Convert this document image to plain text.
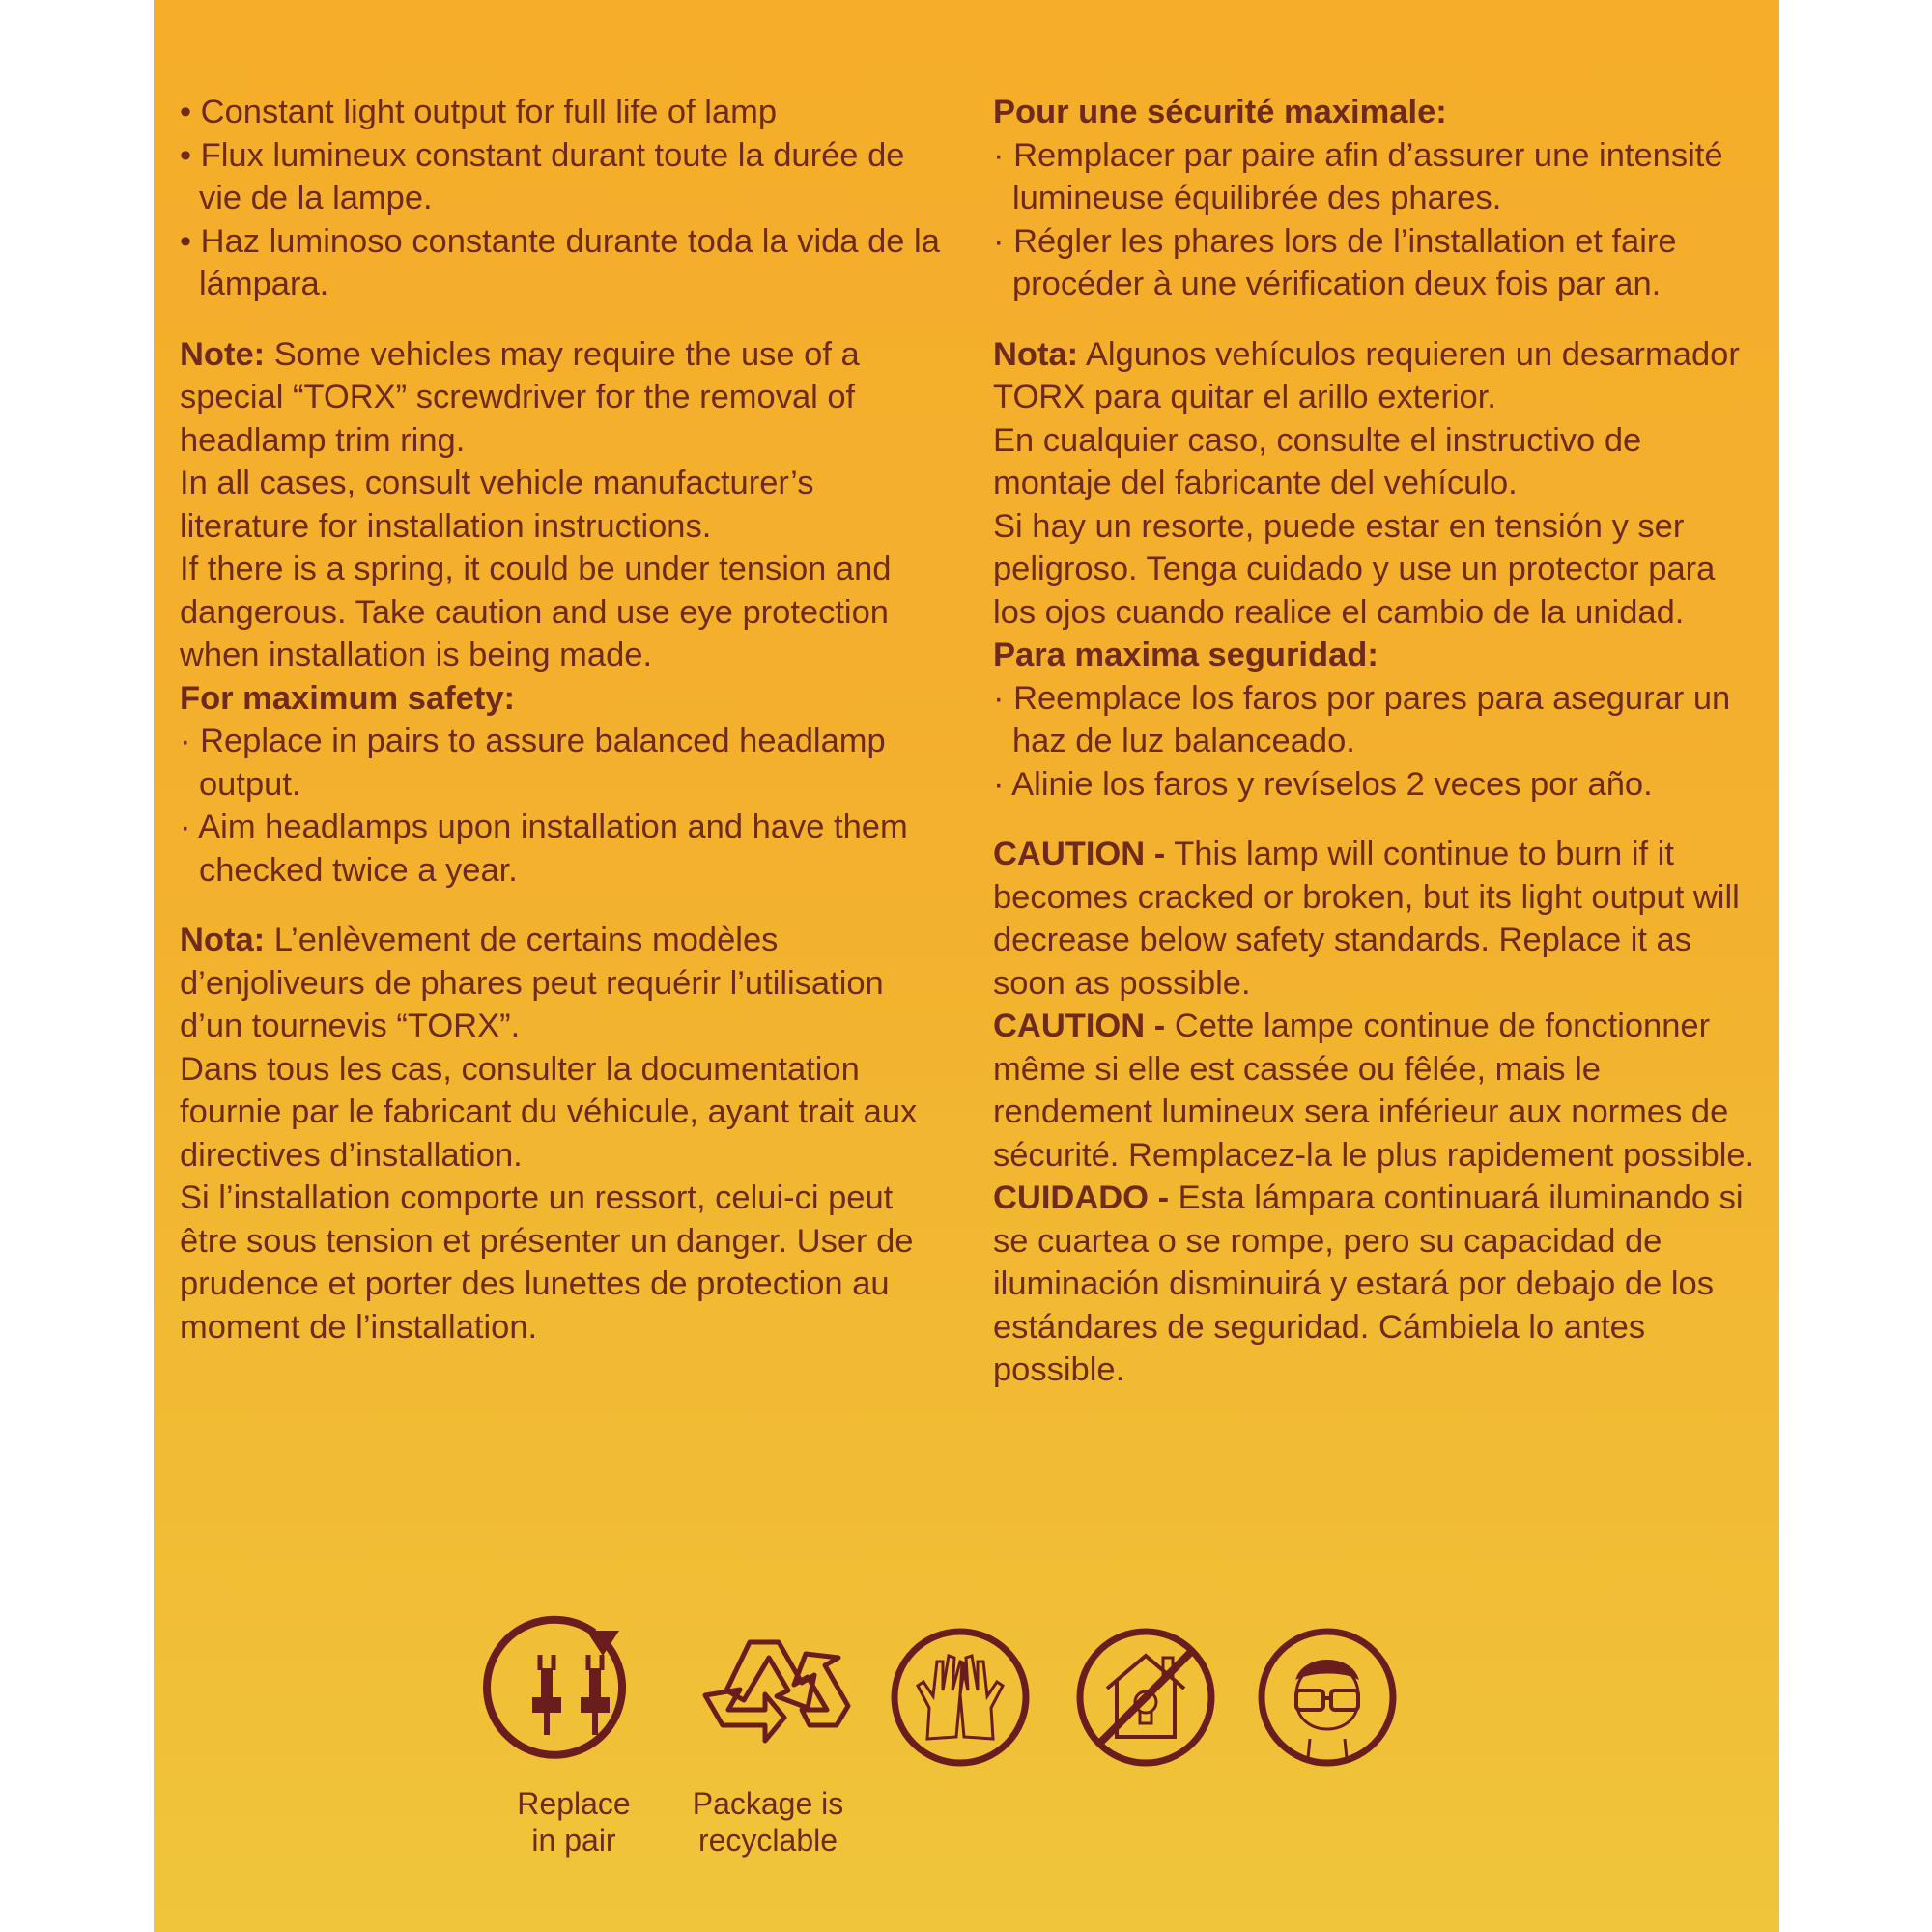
• Constant light output for full life of lamp

• Flux lumineux constant durant toute la durée de vie de la lampe.

• Haz luminoso constante durante toda la vida de la lámpara.

Note: Some vehicles may require the use of a special “TORX” screwdriver for the removal of headlamp trim ring.

In all cases, consult vehicle manufacturer’s literature for installation instructions.

If there is a spring, it could be under tension and dangerous. Take caution and use eye protection when installation is being made.

For maximum safety:

· Replace in pairs to assure balanced headlamp output.

· Aim headlamps upon installation and have them checked twice a year.

Nota: L’enlèvement de certains modèles d’enjoliveurs de phares peut requérir l’utilisation d’un tournevis “TORX”.

Dans tous les cas, consulter la documentation fournie par le fabricant du véhicule, ayant trait aux directives d’installation.

Si l’installation comporte un ressort, celui-ci peut être sous tension et présenter un danger. User de prudence et porter des lunettes de protection au moment de l’installation.

Pour une sécurité maximale:

· Remplacer par paire afin d’assurer une intensité lumineuse équilibrée des phares.

· Régler les phares lors de l’installation et faire procéder à une vérification deux fois par an.

Nota: Algunos vehículos requieren un desarmador TORX para quitar el arillo exterior.

En cualquier caso, consulte el instructivo de montaje del fabricante del vehículo.

Si hay un resorte, puede estar en tensión y ser peligroso. Tenga cuidado y use un protector para los ojos cuando realice el cambio de la unidad.

Para maxima seguridad:

· Reemplace los faros por pares para asegurar un haz de luz balanceado.

· Alinie los faros y revíselos 2 veces por año.

CAUTION - This lamp will continue to burn if it becomes cracked or broken, but its light output will decrease below safety standards. Replace it as soon as possible.

CAUTION - Cette lampe continue de fonctionner même si elle est cassée ou fêlée, mais le rendement lumineux sera inférieur aux normes de sécurité. Remplacez-la le plus rapidement possible.

CUIDADO - Esta lámpara continuará iluminando si se cuartea o se rompe, pero su capacidad de iluminación disminuirá y estará por debajo de los estándares de seguridad. Cámbiela lo antes possible.

Replace
in pair
Package is
recyclable
